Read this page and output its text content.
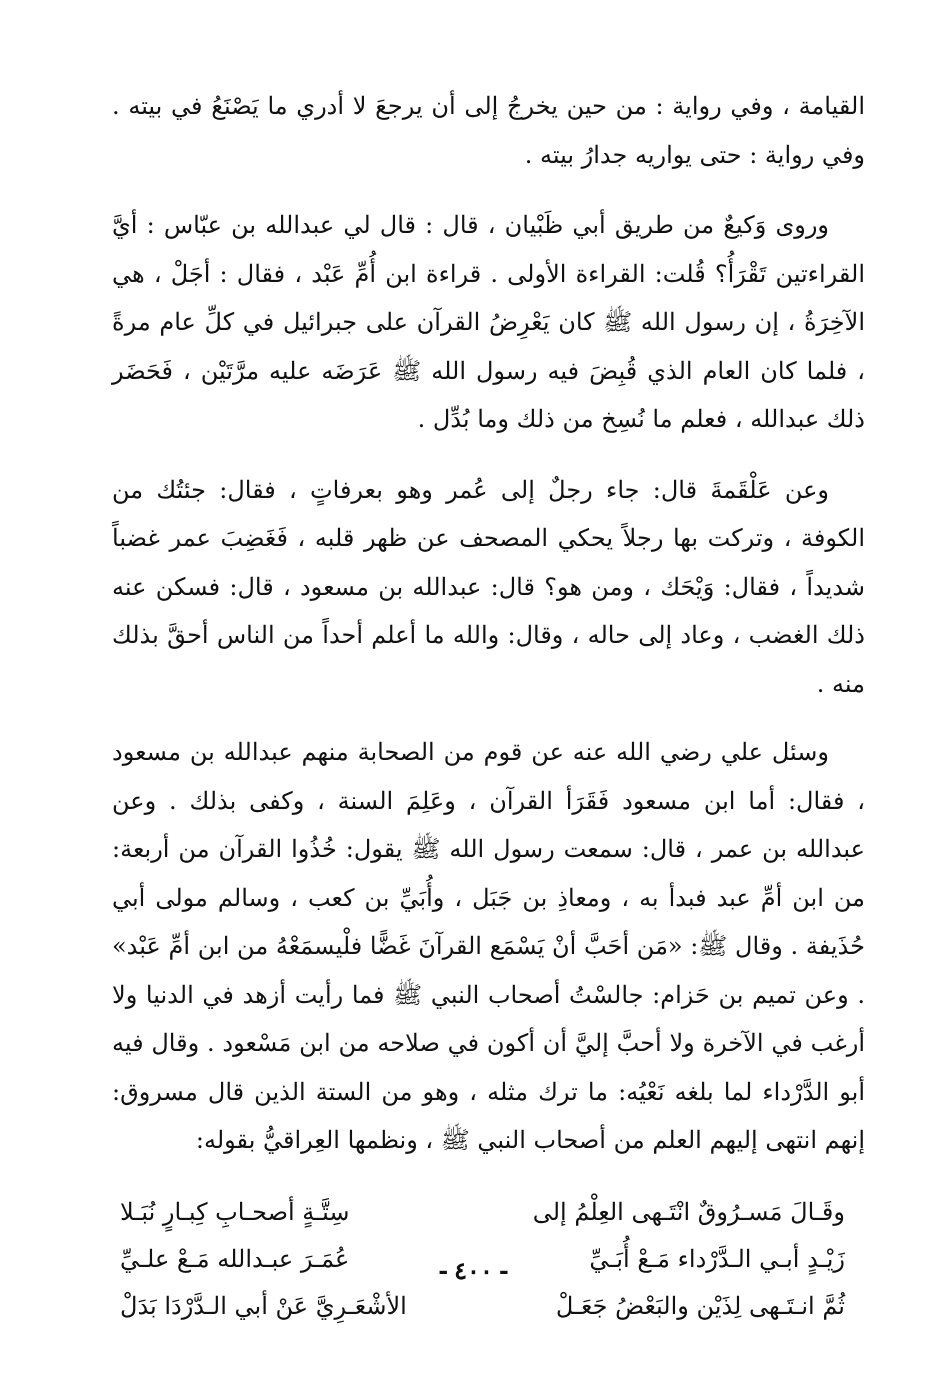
القيامة ، وفي رواية : من حين يخرجُ إلى أن يرجعَ لا أدري ما يَصْنَعُ في بيته . وفي رواية : حتى يواريه جدارُ بيته .

وروى وَكيعٌ من طريق أبي ظَبْيان ، قال : قال لي عبدالله بن عبّاس : أيَّ القراءتين تَقْرَأُ؟ قُلت: القراءة الأولى . قراءة ابن أُمِّ عَبْد ، فقال : أجَلْ ، هي الآخِرَةُ ، إن رسول الله ﷺ كان يَعْرِضُ القرآن على جبرائيل في كلِّ عام مرةً ، فلما كان العام الذي قُبِضَ فيه رسول الله ﷺ عَرَضَه عليه مرَّتَيْن ، فَحَضَر ذلك عبدالله ، فعلم ما نُسِخ من ذلك وما بُدِّل .

وعن عَلْقَمةَ قال: جاء رجلٌ إلى عُمر وهو بعرفاتٍ ، فقال: جئتُك من الكوفة ، وتركت بها رجلاً يحكي المصحف عن ظهر قلبه ، فَغَضِبَ عمر غضباً شديداً ، فقال: وَيْحَك ، ومن هو؟ قال: عبدالله بن مسعود ، قال: فسكن عنه ذلك الغضب ، وعاد إلى حاله ، وقال: والله ما أعلم أحداً من الناس أحقَّ بذلك منه .

وسئل علي رضي الله عنه عن قوم من الصحابة منهم عبدالله بن مسعود ، فقال: أما ابن مسعود فَقَرَأ القرآن ، وعَلِمَ السنة ، وكفى بذلك . وعن عبدالله بن عمر ، قال: سمعت رسول الله ﷺ يقول: خُذُوا القرآن من أربعة: من ابن أمِّ عبد فبدأ به ، ومعاذِ بن جَبَل ، وأُبَيِّ بن كعب ، وسالم مولى أبي حُذَيفة . وقال ﷺ: «مَن أحَبَّ أنْ يَسْمَع القرآنَ غَضًّا فلْيسمَعْهُ من ابن أمِّ عَبْد» . وعن تميم بن حَزام: جالسْتُ أصحاب النبي ﷺ فما رأيت أزهد في الدنيا ولا أرغب في الآخرة ولا أحبَّ إليَّ أن أكون في صلاحه من ابن مَسْعود . وقال فيه أبو الدَّرْداء لما بلغه نَعْيُه: ما ترك مثله ، وهو من الستة الذين قال مسروق: إنهم انتهى إليهم العلم من أصحاب النبي ﷺ ، ونظمها العِراقيُّ بقوله:

وقَـالَ مَسـرُوقٌ انْتَـهى العِلْمُ إلى
سِتَّـةٍ أصحـابِ كِبـارٍ نُبَـلا
زَيْـدٍ أبـي الـدَّرْداء مَـعْ أُبَـيِّ
عُمَـرَ عبـدالله مَـعْ علـيِّ
ثُمَّ انـتَـهى لِذَيْن والبَعْضُ جَعَـلْ
الأشْعَـرِيَّ عَنْ أبي الـدَّرْدَا بَدَلْ
-٤٠٠-
